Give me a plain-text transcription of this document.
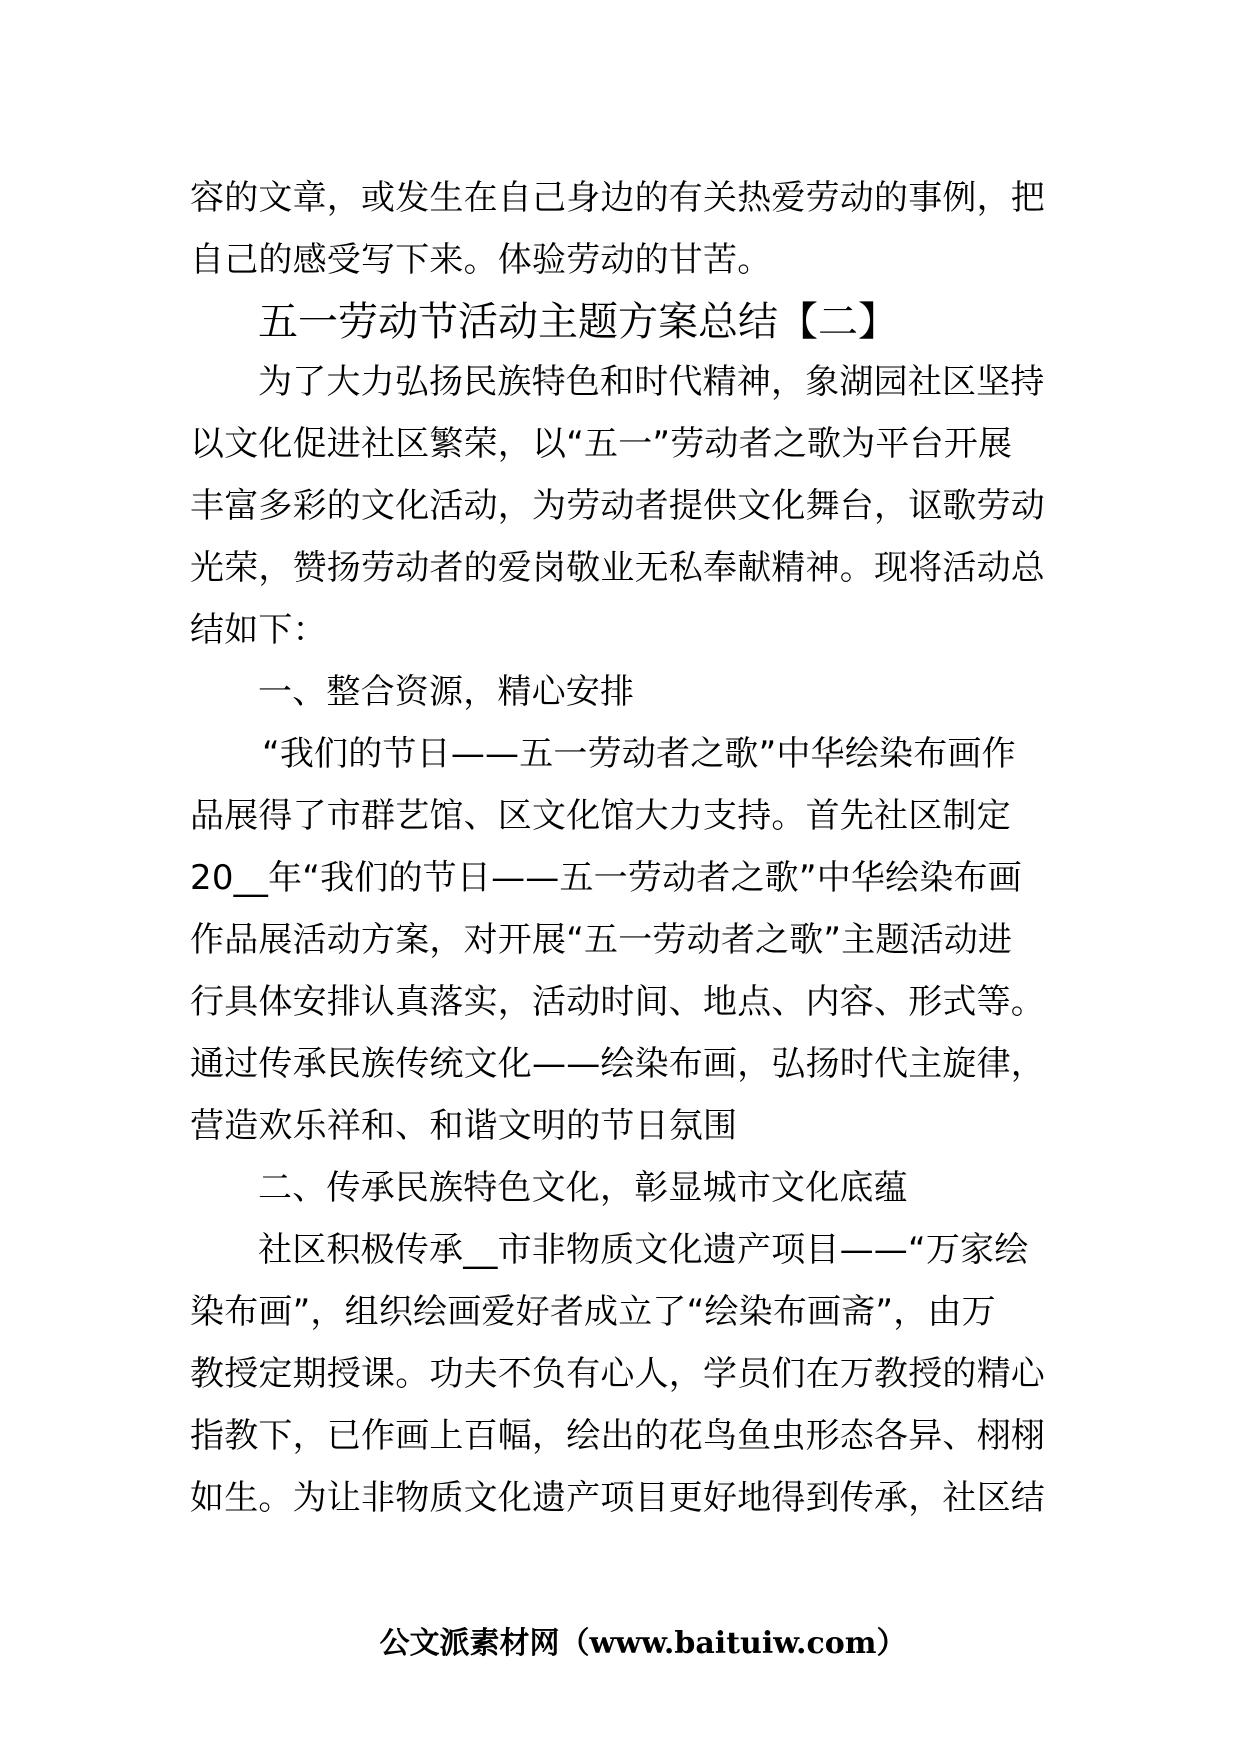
容的文章，或发生在自己身边的有关热爱劳动的事例，把
自己的感受写下来。体验劳动的甘苦。
五一劳动节活动主题方案总结【二】
为了大力弘扬民族特色和时代精神，象湖园社区坚持
以文化促进社区繁荣，以“五一”劳动者之歌为平台开展
丰富多彩的文化活动，为劳动者提供文化舞台，讴歌劳动
光荣，赞扬劳动者的爱岗敬业无私奉献精神。现将活动总
结如下：
一、整合资源，精心安排
“我们的节日——五一劳动者之歌”中华绘染布画作
品展得了市群艺馆、区文化馆大力支持。首先社区制定
20__年“我们的节日——五一劳动者之歌”中华绘染布画
作品展活动方案，对开展“五一劳动者之歌”主题活动进
行具体安排认真落实，活动时间、地点、内容、形式等。
通过传承民族传统文化——绘染布画，弘扬时代主旋律，
营造欢乐祥和、和谐文明的节日氛围
二、传承民族特色文化，彰显城市文化底蕴
社区积极传承__市非物质文化遗产项目——“万家绘
染布画”，组织绘画爱好者成立了“绘染布画斋”，由万
教授定期授课。功夫不负有心人，学员们在万教授的精心
指教下，已作画上百幅，绘出的花鸟鱼虫形态各异、栩栩
如生。为让非物质文化遗产项目更好地得到传承，社区结
公文派素材网（www.baituiw.com）
